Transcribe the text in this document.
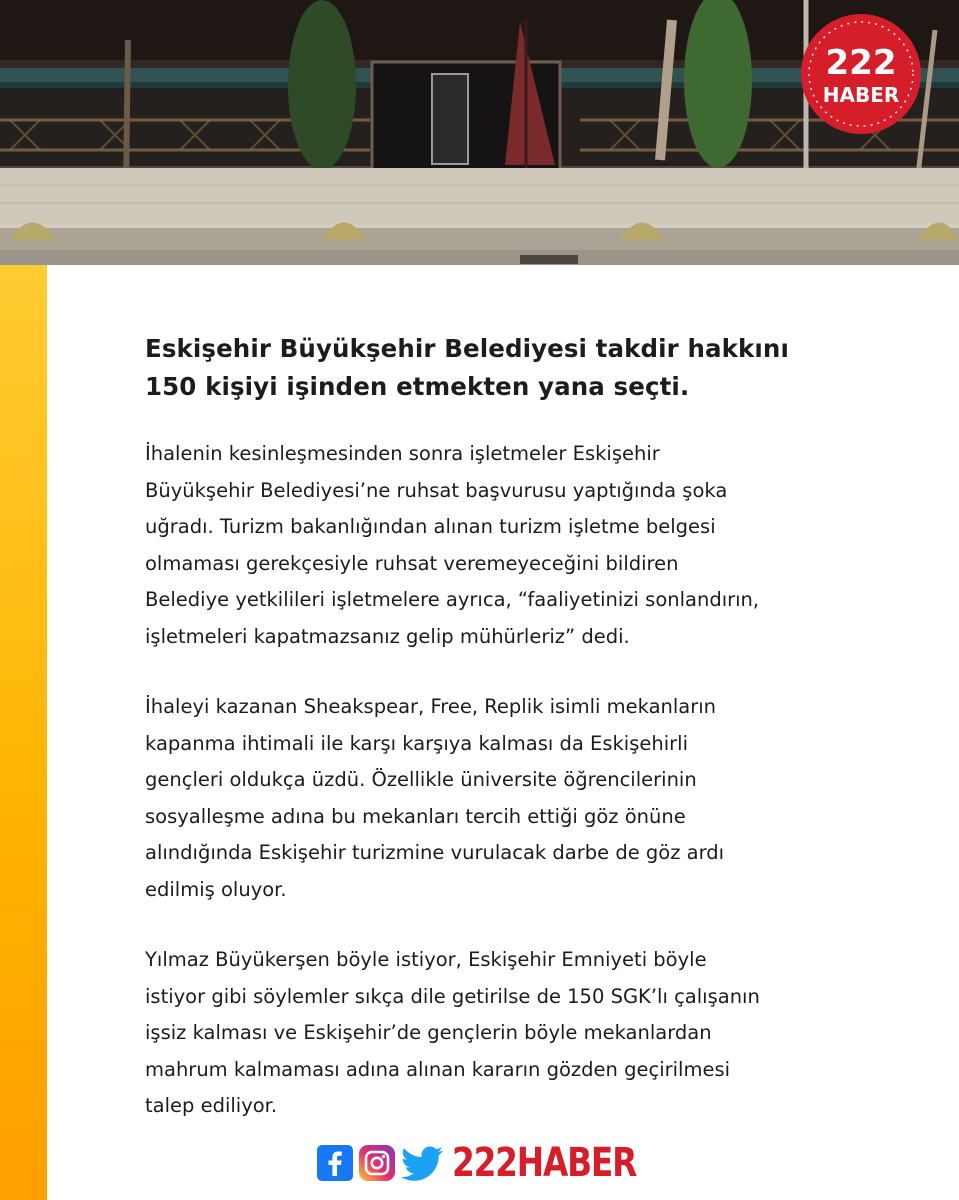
222
HABER
Eskişehir Büyükşehir Belediyesi takdir hakkını
150 kişiyi işinden etmekten yana seçti.

İhalenin kesinleşmesinden sonra işletmeler Eskişehir
Büyükşehir Belediyesi’ne ruhsat başvurusu yaptığında şoka
uğradı. Turizm bakanlığından alınan turizm işletme belgesi
olmaması gerekçesiyle ruhsat veremeyeceğini bildiren
Belediye yetkilileri işletmelere ayrıca, “faaliyetinizi sonlandırın,
işletmeleri kapatmazsanız gelip mühürleriz” dedi.

İhaleyi kazanan Sheakspear, Free, Replik isimli mekanların
kapanma ihtimali ile karşı karşıya kalması da Eskişehirli
gençleri oldukça üzdü. Özellikle üniversite öğrencilerinin
sosyalleşme adına bu mekanları tercih ettiği göz önüne
alındığında Eskişehir turizmine vurulacak darbe de göz ardı
edilmiş oluyor.

Yılmaz Büyükerşen böyle istiyor, Eskişehir Emniyeti böyle
istiyor gibi söylemler sıkça dile getirilse de 150 SGK’lı çalışanın
işsiz kalması ve Eskişehir’de gençlerin böyle mekanlardan
mahrum kalmaması adına alınan kararın gözden geçirilmesi
talep ediliyor.

222HABER
